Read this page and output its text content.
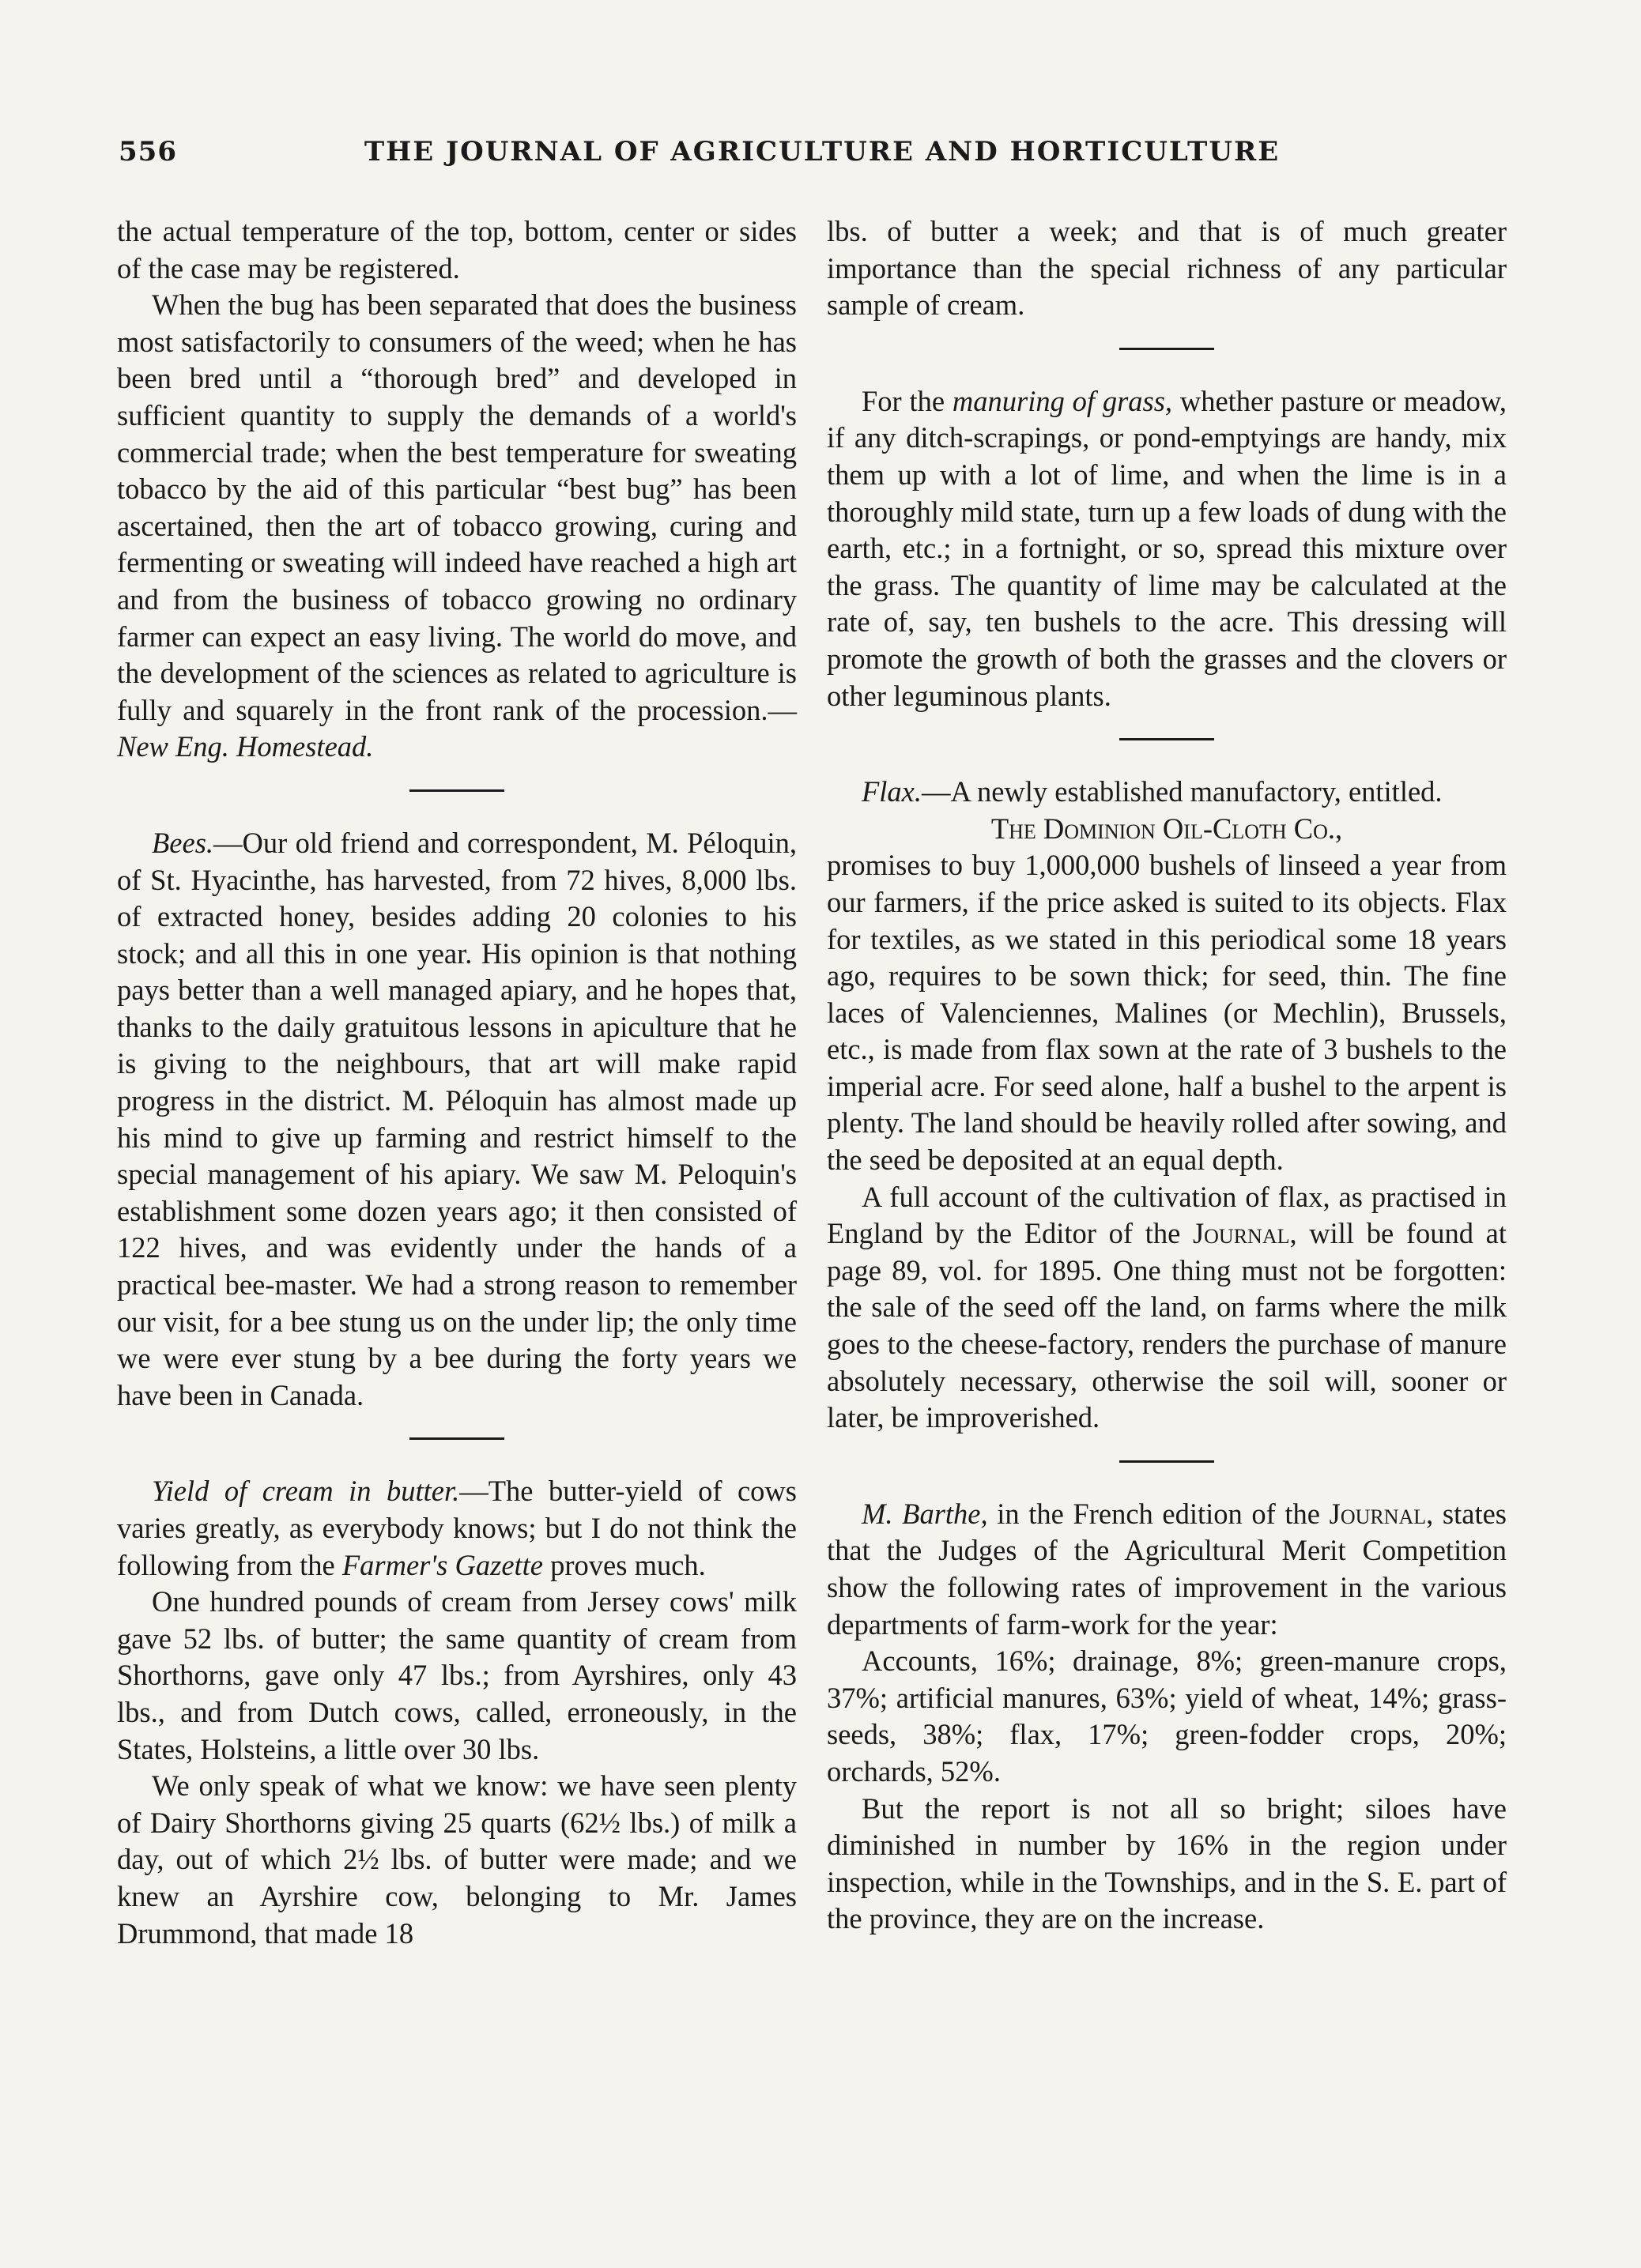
556	THE JOURNAL OF AGRICULTURE AND HORTICULTURE

the actual temperature of the top, bottom, center or sides of the case may be registered.

When the bug has been separated that does the business most satisfactorily to consumers of the weed; when he has been bred until a “thorough bred” and developed in sufficient quantity to supply the demands of a world's commercial trade; when the best temperature for sweating tobacco by the aid of this particular “best bug” has been ascertained, then the art of tobacco growing, curing and fermenting or sweating will indeed have reached a high art and from the business of tobacco growing no ordinary farmer can expect an easy living. The world do move, and the development of the sciences as related to agriculture is fully and squarely in the front rank of the procession.—New Eng. Homestead.

Bees.—Our old friend and correspondent, M. Péloquin, of St. Hyacinthe, has harvested, from 72 hives, 8,000 lbs. of extracted honey, besides adding 20 colonies to his stock; and all this in one year. His opinion is that nothing pays better than a well managed apiary, and he hopes that, thanks to the daily gratuitous lessons in apiculture that he is giving to the neighbours, that art will make rapid progress in the district. M. Péloquin has almost made up his mind to give up farming and restrict himself to the special management of his apiary. We saw M. Peloquin's establishment some dozen years ago; it then consisted of 122 hives, and was evidently under the hands of a practical bee-master. We had a strong reason to remember our visit, for a bee stung us on the under lip; the only time we were ever stung by a bee during the forty years we have been in Canada.

Yield of cream in butter.—The butter-yield of cows varies greatly, as everybody knows; but I do not think the following from the Farmer's Gazette proves much.

One hundred pounds of cream from Jersey cows' milk gave 52 lbs. of butter; the same quantity of cream from Shorthorns, gave only 47 lbs.; from Ayrshires, only 43 lbs., and from Dutch cows, called, erroneously, in the States, Holsteins, a little over 30 lbs.

We only speak of what we know: we have seen plenty of Dairy Shorthorns giving 25 quarts (62½ lbs.) of milk a day, out of which 2½ lbs. of butter were made; and we knew an Ayrshire cow, belonging to Mr. James Drummond, that made 18

lbs. of butter a week; and that is of much greater importance than the special richness of any particular sample of cream.

For the manuring of grass, whether pasture or meadow, if any ditch-scrapings, or pond-emptyings are handy, mix them up with a lot of lime, and when the lime is in a thoroughly mild state, turn up a few loads of dung with the earth, etc.; in a fortnight, or so, spread this mixture over the grass. The quantity of lime may be calculated at the rate of, say, ten bushels to the acre. This dressing will promote the growth of both the grasses and the clovers or other leguminous plants.

Flax.—A newly established manufactory, entitled.

The Dominion Oil-Cloth Co.,

promises to buy 1,000,000 bushels of linseed a year from our farmers, if the price asked is suited to its objects. Flax for textiles, as we stated in this periodical some 18 years ago, requires to be sown thick; for seed, thin. The fine laces of Valenciennes, Malines (or Mechlin), Brussels, etc., is made from flax sown at the rate of 3 bushels to the imperial acre. For seed alone, half a bushel to the arpent is plenty. The land should be heavily rolled after sowing, and the seed be deposited at an equal depth.

A full account of the cultivation of flax, as practised in England by the Editor of the Journal, will be found at page 89, vol. for 1895. One thing must not be forgotten: the sale of the seed off the land, on farms where the milk goes to the cheese-factory, renders the purchase of manure absolutely necessary, otherwise the soil will, sooner or later, be improverished.

M. Barthe, in the French edition of the Journal, states that the Judges of the Agricultural Merit Competition show the following rates of improvement in the various departments of farm-work for the year:

Accounts, 16%; drainage, 8%; green-manure crops, 37%; artificial manures, 63%; yield of wheat, 14%; grass-seeds, 38%; flax, 17%; green-fodder crops, 20%; orchards, 52%.

But the report is not all so bright; siloes have diminished in number by 16% in the region under inspection, while in the Townships, and in the S. E. part of the province, they are on the increase.
